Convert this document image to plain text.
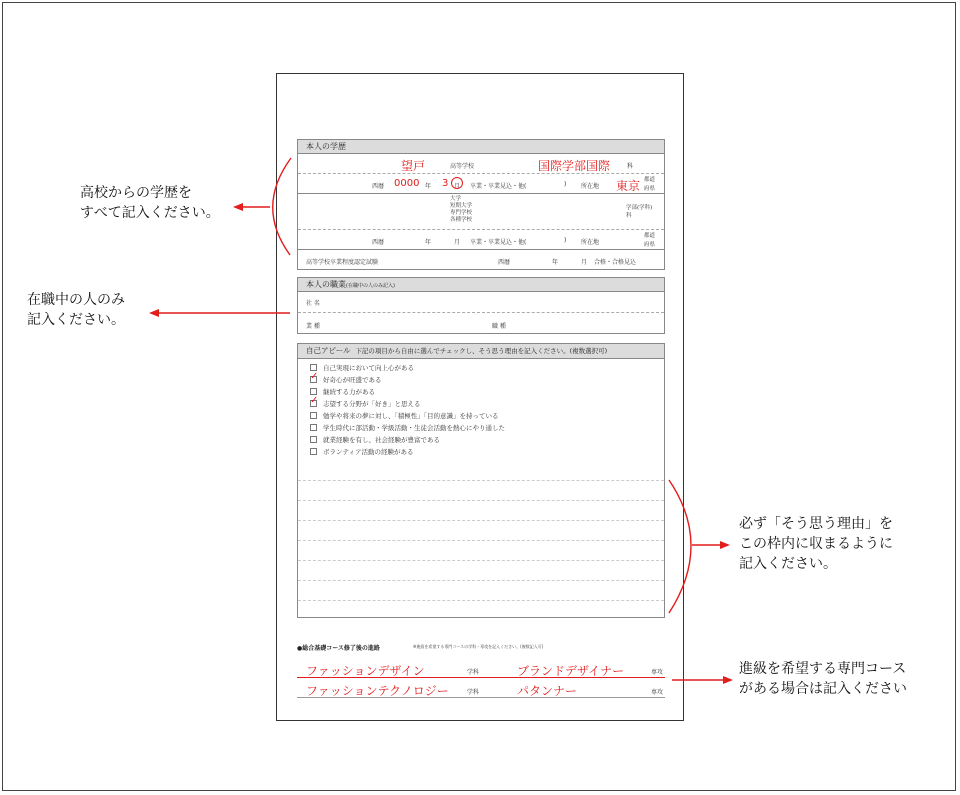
高校からの学歴を
すべて記入ください。
在職中の人のみ
記入ください。
必ず「そう思う理由」を
この枠内に収まるように
記入ください。
進級を希望する専門コース
がある場合は記入ください
本人の学歴
望戸	高等学校	国際学部国際	科
西暦 0000 年 3 月 卒業・卒業見込・他(	) 所在地 東京 都道
府県
大学
短期大学
専門学校
各種学校
学部(学科)
科
西暦	年	月 卒業・卒業見込・他(	) 所在地
都道
府県
高等学校卒業程度認定試験	西暦	年	月 合格・合格見込
本人の職業(在職中の人のみ記入)
社 名
業 種	職 種
自己アピール 下記の項目から自由に選んでチェックし、そう思う理由を記入ください。(複数選択可)
自己実現において向上心がある
✓ 好奇心が旺盛である
継続する力がある
✓ 志望する分野が「好き」と思える
勉学や将来の夢に対し、「積極性」「目的意識」を持っている
学生時代に部活動・学級活動・生徒会活動を熱心にやり通した
就業経験を有し、社会経験が豊富である
ボランティア活動の経験がある
●総合基礎コース修了後の進路	※進級を希望する専門コースの学科・専攻を記入ください。(複数記入可)
ファッションデザイン	学科	ブランドデザイナー	専攻
ファッションテクノロジー	学科	パタンナー	専攻
